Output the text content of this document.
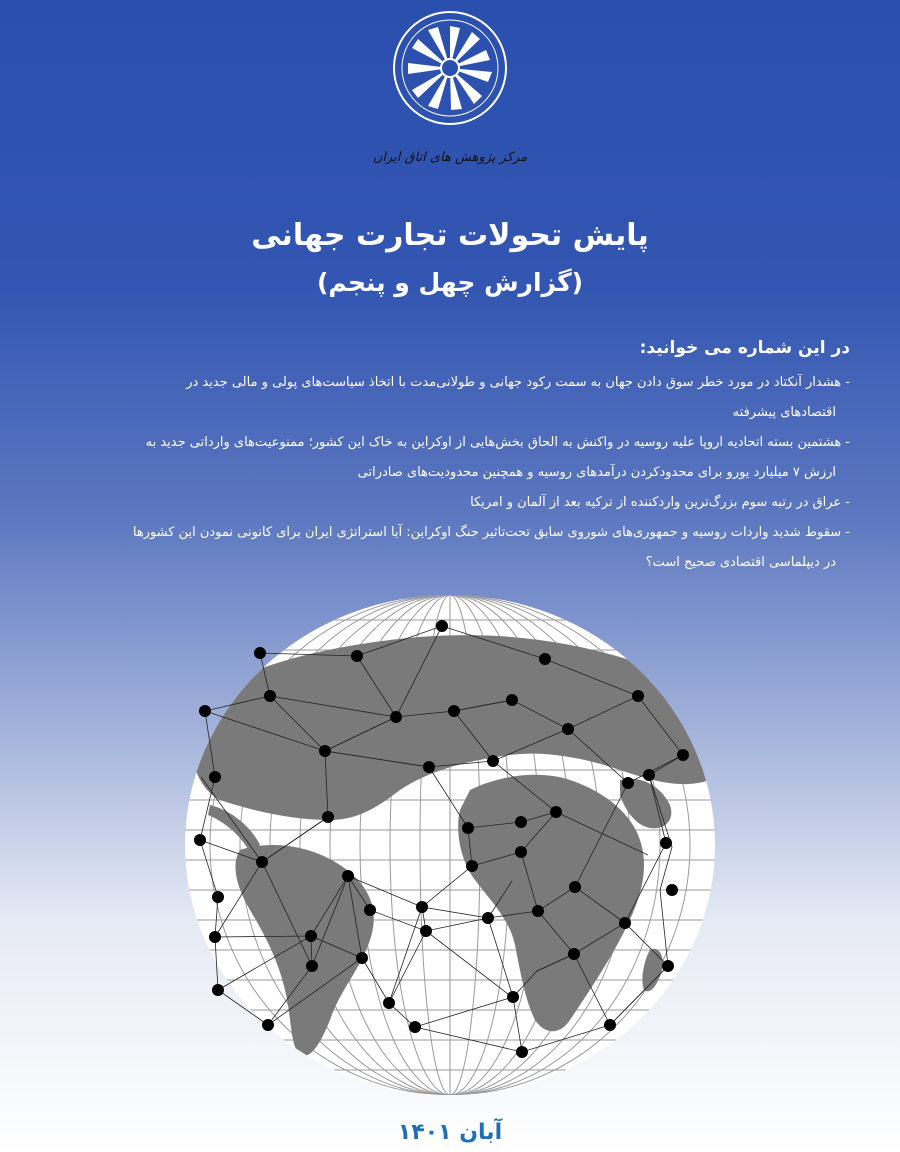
مرکز پژوهش های اتاق ایران
پایش تحولات تجارت جهانی
(گزارش چهل و پنجم)
در این شماره می خوانید:
- هشدار آنکتاد در مورد خطر سوق دادن جهان به سمت رکود جهانی و طولانی‌مدت با اتخاذ سیاست‌های پولی و مالی جدید در
اقتصادهای پیشرفته
- هشتمین بسته اتحادیه اروپا علیه روسیه در واکنش به الحاق بخش‌هایی از اوکراین به خاک این کشور؛ ممنوعیت‌های وارداتی جدید به
ارزش ۷ میلیارد یورو برای محدودکردن درآمدهای روسیه و همچنین محدودیت‌های صادراتی
- عراق در رتبه سوم بزرگ‌ترین واردکننده از ترکیه بعد از آلمان و امریکا
- سقوط شدید واردات روسیه و جمهوری‌های شوروی سابق تحت‌تاثیر جنگ اوکراین: آیا استراتژی ایران برای کانونی نمودن این کشورها
در دیپلماسی اقتصادی صحیح است؟
آبان ۱۴۰۱
